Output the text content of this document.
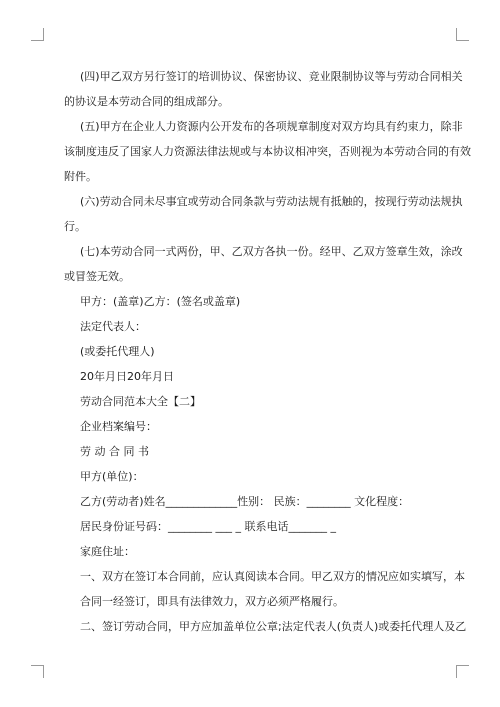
(四)甲乙双方另行签订的培训协议、保密协议、竞业限制协议等与劳动合同相关
的协议是本劳动合同的组成部分。
(五)甲方在企业人力资源内公开发布的各项规章制度对双方均具有约束力，除非
该制度违反了国家人力资源法律法规或与本协议相冲突，否则视为本劳动合同的有效
附件。
(六)劳动合同未尽事宜或劳动合同条款与劳动法规有抵触的，按现行劳动法规执
行。
(七)本劳动合同一式两份，甲、乙双方各执一份。经甲、乙双方签章生效，涂改
或冒签无效。
甲方：(盖章)乙方：(签名或盖章)
法定代表人：
(或委托代理人)
20年月日20年月日
劳动合同范本大全【二】
企业档案编号：
劳 动 合 同 书
甲方(单位)：
乙方(劳动者)姓名_____________性别： 民族：________ 文化程度：
居民身份证号码：________ ___ _ 联系电话_______ _
家庭住址：
一、双方在签订本合同前，应认真阅读本合同。甲乙双方的情况应如实填写，本
合同一经签订，即具有法律效力，双方必须严格履行。
二、签订劳动合同，甲方应加盖单位公章;法定代表人(负责人)或委托代理人及乙
